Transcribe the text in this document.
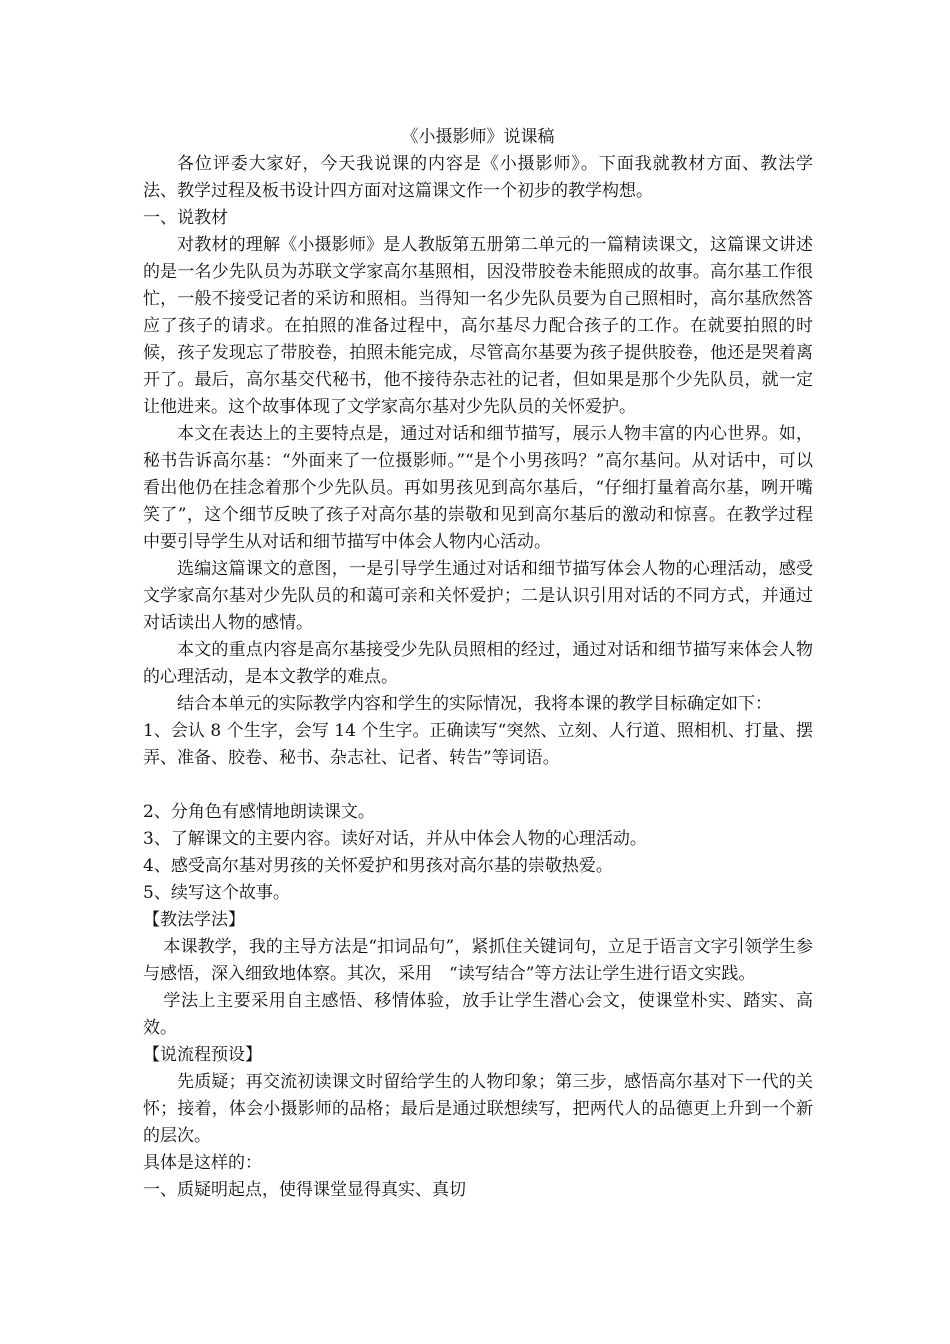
《小摄影师》说课稿

各位评委大家好，今天我说课的内容是《小摄影师》。下面我就教材方面、教法学法、教学过程及板书设计四方面对这篇课文作一个初步的教学构想。

一、说教材

对教材的理解《小摄影师》是人教版第五册第二单元的一篇精读课文，这篇课文讲述的是一名少先队员为苏联文学家高尔基照相，因没带胶卷未能照成的故事。高尔基工作很忙，一般不接受记者的采访和照相。当得知一名少先队员要为自己照相时，高尔基欣然答应了孩子的请求。在拍照的准备过程中，高尔基尽力配合孩子的工作。在就要拍照的时候，孩子发现忘了带胶卷，拍照未能完成，尽管高尔基要为孩子提供胶卷，他还是哭着离开了。最后，高尔基交代秘书，他不接待杂志社的记者，但如果是那个少先队员，就一定让他进来。这个故事体现了文学家高尔基对少先队员的关怀爱护。

本文在表达上的主要特点是，通过对话和细节描写，展示人物丰富的内心世界。如，秘书告诉高尔基：“外面来了一位摄影师。”“是个小男孩吗？”高尔基问。从对话中，可以看出他仍在挂念着那个少先队员。再如男孩见到高尔基后，“仔细打量着高尔基，咧开嘴笑了”，这个细节反映了孩子对高尔基的崇敬和见到高尔基后的激动和惊喜。在教学过程中要引导学生从对话和细节描写中体会人物内心活动。

选编这篇课文的意图，一是引导学生通过对话和细节描写体会人物的心理活动，感受文学家高尔基对少先队员的和蔼可亲和关怀爱护；二是认识引用对话的不同方式，并通过对话读出人物的感情。

本文的重点内容是高尔基接受少先队员照相的经过，通过对话和细节描写来体会人物的心理活动，是本文教学的难点。

结合本单元的实际教学内容和学生的实际情况，我将本课的教学目标确定如下：

1、会认 8 个生字，会写 14 个生字。正确读写“突然、立刻、人行道、照相机、打量、摆弄、准备、胶卷、秘书、杂志社、记者、转告”等词语。

2、分角色有感情地朗读课文。

3、了解课文的主要内容。读好对话，并从中体会人物的心理活动。

4、感受高尔基对男孩的关怀爱护和男孩对高尔基的崇敬热爱。

5、续写这个故事。

【教法学法】

本课教学，我的主导方法是“扣词品句”，紧抓住关键词句，立足于语言文字引领学生参与感悟，深入细致地体察。其次，采用　“读写结合”等方法让学生进行语文实践。

学法上主要采用自主感悟、移情体验，放手让学生潜心会文，使课堂朴实、踏实、高效。

【说流程预设】

先质疑；再交流初读课文时留给学生的人物印象；第三步，感悟高尔基对下一代的关怀；接着，体会小摄影师的品格；最后是通过联想续写，把两代人的品德更上升到一个新的层次。

具体是这样的：

一、质疑明起点，使得课堂显得真实、真切
